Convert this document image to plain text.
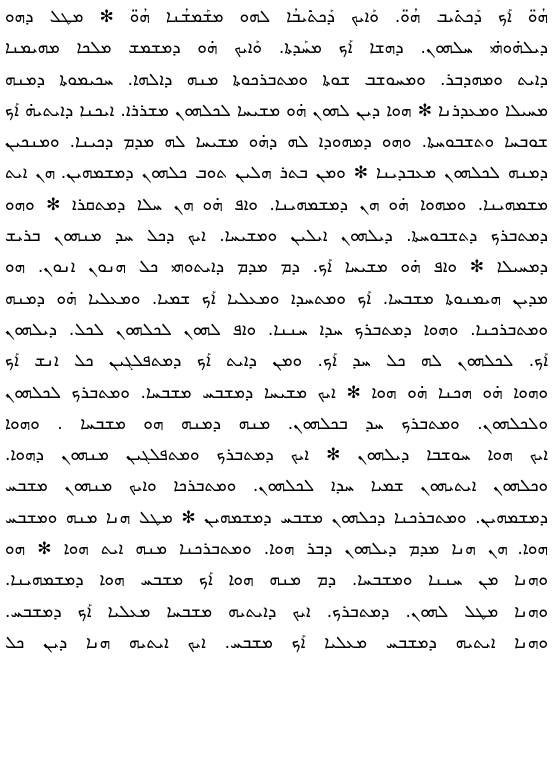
ܗܳܘ̈ ܐܰܟ ܕܰܟܬܺܝܒ ܗܳܘ̈. ܘܰܐܝܟ ܕܰܟܬܺܝܒܳܐ ܠܗܘ ܡܫܰܡܫܳܢܐ ܗܳܘ̈ ✻ ܡܛܠ ܕܗܘ
ܕܝܠܗ̇ܘܗ̇ܝ ܚܠܗܘܢ. ܕܗܫܐ ܐܰܟ ܡܚܰܕܬܐ. ܘܰܐܝܟ ܗ̇ܘ ܕܡܫܡܫ ܡܠܟܐ ܡܗܝܡܢܐ
ܕܐܝܬ ܘܡܗܕܒܪ. ܘܡܚܘܫܒ ܫܘܬܐ ܘܡܬܒܪܟܘܬܐ ܡܢܗ ܕܐܠܗܐ. ܚܟܝܡܘܬܐ ܕܡܢܗ
ܡܚܝܠܐ ܘܡܥܕܪܢܐ ✻ ܗܘܐ ܕܝܢ ܠܗܘܢ ܗ̇ܘ ܡܫܝܚܐ ܠܟܠܗܘܢ ܡܫܪܪܐ. ܐܝܟܢܐ ܕܐܝܬܝܗ̇ ܐܰܟ
ܫܘܒܚܐ ܘܬܫܒܘܚܬܐ. ܘܗܘ ܕܡܗܘܕܐ ܠܗ ܕܗ̇ܘ ܡܫܝܚܐ ܠܗ ܡܕܡ ܕܟܝܢܐ. ܘܡܢܟܝܢ
ܕܡܢܗ ܠܟܠܗܘܢ ܡܥܒܕܝܢܐ ✻ ܘܡܢ ܒܬܪ ܗܠܝܢ ܬܘܒ ܟܠܗܘܢ ܕܡܫܡܗܝܢ. ܗܢ ܐܝܬ
ܡܫܡܗܝܢܐ. ܘܡܗܘܐ ܗ̇ܘ ܗܢ ܕܡܫܡܗܝܢܐ. ܘܐܦ ܗ̇ܘ ܗܢ ܚܠܐ ܕܡܬܩܪܐ ✻ ܘܗܘ
ܕܡܬܒܪܟ ܕܬܫܒܘܚܬܐ. ܕܝܠܗܘܢ ܐܝܠܝܢ ܘܡܫܝܚܐ. ܐܝܟ ܕܟܠ ܚܕ ܡܢܗܘܢ ܒܪܝܫ
ܕܡܚܝܠܐ ✻ ܘܐܦ ܗ̇ܘ ܡܫܝܚܐ ܐܰܟ. ܕܡ ܡܕܡ ܕܐܝܬܘܗܝ ܟܠ ܗܢܘܢ ܐܢܘܢ. ܗܘ
ܡܕܝܢ ܗܝܡܢܘܬܐ ܡܫܒܚܐ. ܐܰܟ ܘܡܬܚܕܐ ܘܡܥܠܝܐ ܐܰܟ ܫܡܝܐ. ܘܡܥܠܝܐ ܗ̇ܘ ܕܡܢܗ
ܘܡܬܒܪܟܢܐ. ܘܗܘܐ ܕܡܬܒܪܟ ܚܕܐ ܚܢܢܐ. ܘܐܦ ܠܗܘܢ ܠܟܠܗܘܢ ܠܟܠ. ܕܝܠܗܘܢ
ܐܰܟ. ܠܟܠܗܘܢ ܠܗ ܟܠ ܚܕ ܐܰܟ. ܘܡܢ ܕܐܝܬ ܐܰܟ ܕܡܬܦܠܓܝܢ ܟܠ ܐܢܫ ܐܰܟ
ܘܗܘܐ ܗ̇ܘ ܗܟܢܐ ܗ̇ܘ ܗܘܐ ✻ ܐܝܟ ܡܫܝܚܐ ܕܡܫܒܚ ܡܫܒܚܐ. ܘܡܬܒܪܟ ܠܟܠܗܘܢ
ܘܠܟܠܗܘܢ. ܘܡܬܒܪܟ ܚܕ ܒܟܠܗܘܢ. ܡܢܗ ܕܡܢܗ ܗܘ ܡܫܒܚܐ . ܘܗܘܐ
ܐܝܟ ܗܘܐ ܚܘܫܒܐ ܕܝܠܗܘܢ ✻ ܐܝܟ ܕܡܬܒܪܟ ܘܡܬܦܠܓܝܢ ܡܢܗܘܢ ܕܗܘܐ.
ܘܟܠܗܘܢ ܐܝܬܝܗܘܢ ܫܡܝܐ ܚܕܐ ܠܟܠܗܘܢ. ܘܡܬܒܪܟܐ ܘܐܝܟ ܡܢܗܘܢ ܡܫܒܚ
ܕܡܫܡܗܝܢ. ܘܡܬܒܪܟܢܐ ܕܟܠܗܘܢ ܡܫܒܚ ܕܡܫܡܗܝܢ ✻ ܡܛܠ ܗܢܐ ܡܢܗ ܘܡܫܒܚ
ܗܘܐ. ܗܢ ܗܢܐ ܡܕܡ ܕܝܠܗܘܢ ܕܒܪ ܗܘܐ. ܘܡܬܒܪܟܢܐ ܡܢܗ ܐܝܬ ܗܘܐ ✻ ܗܘ
ܘܗܢܐ ܡܢ ܚܢܢܐ ܘܡܫܒܚܐ. ܕܡ ܡܢܗ ܗܘܐ ܐܰܟ ܡܫܒܚ ܗܘܐ ܕܡܫܡܗܝܢܐ.
ܘܗܢܐ ܡܛܠ ܠܗܘܢ. ܕܡܬܒܪܟ. ܐܝܟ ܕܐܝܬܝܗ ܡܫܒܚܐ ܡܥܠܝܐ ܐܰܟ ܕܡܫܒܚ.
ܘܗܢܐ ܐܝܬܝܗ ܕܡܫܒܚ ܡܥܠܝܐ ܐܰܟ ܡܫܒܚ. ܐܝܟ ܐܝܬܝܗ ܗܢܐ ܕܝܢ ܟܠ
